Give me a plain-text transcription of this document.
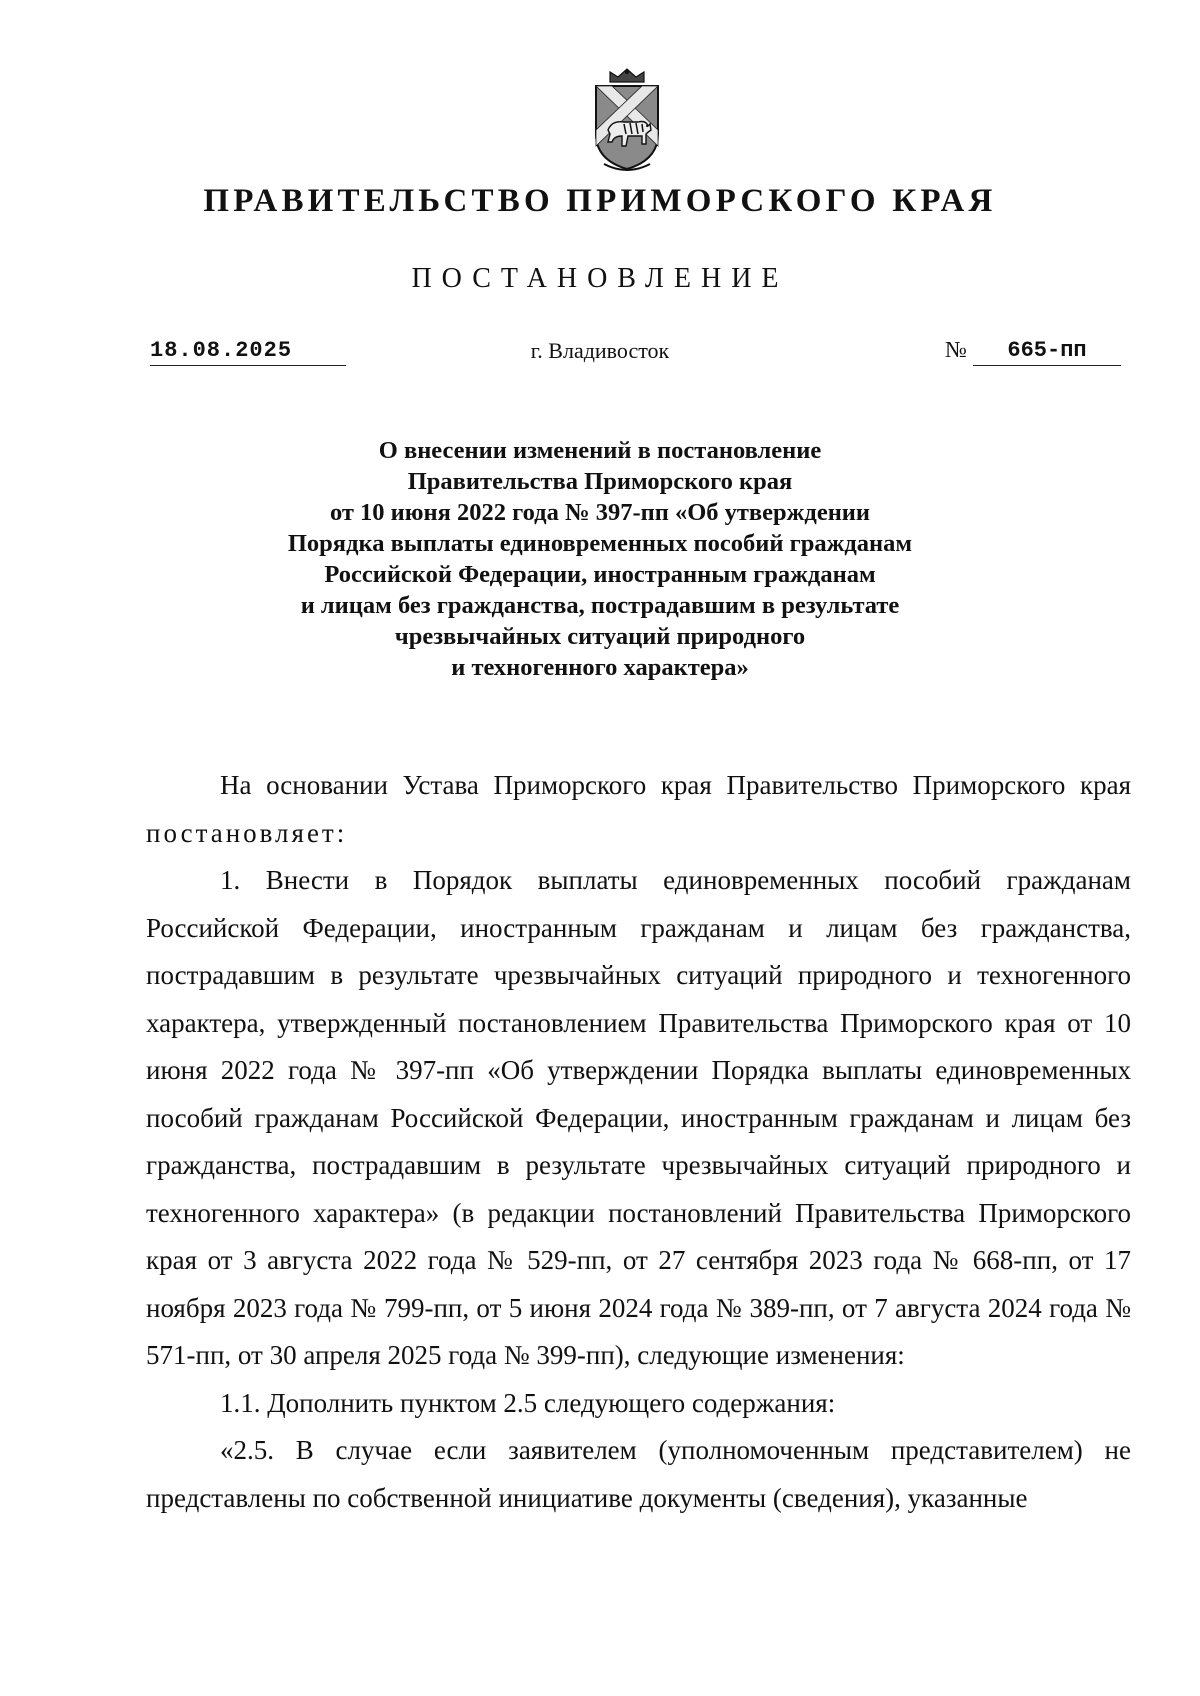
ПРАВИТЕЛЬСТВО ПРИМОРСКОГО КРАЯ
ПОСТАНОВЛЕНИЕ
18.08.2025	г. Владивосток	№	665-пп
О внесении изменений в постановление
Правительства Приморского края
от 10 июня 2022 года № 397-пп «Об утверждении
Порядка выплаты единовременных пособий гражданам
Российской Федерации, иностранным гражданам
и лицам без гражданства, пострадавшим в результате
чрезвычайных ситуаций природного
и техногенного характера»
На основании Устава Приморского края Правительство Приморского края постановляет:
1. Внести в Порядок выплаты единовременных пособий гражданам Российской Федерации, иностранным гражданам и лицам без гражданства, пострадавшим в результате чрезвычайных ситуаций природного и техногенного характера, утвержденный постановлением Правительства Приморского края от 10 июня 2022 года № 397-пп «Об утверждении Порядка выплаты единовременных пособий гражданам Российской Федерации, иностранным гражданам и лицам без гражданства, пострадавшим в результате чрезвычайных ситуаций природного и техногенного характера» (в редакции постановлений Правительства Приморского края от 3 августа 2022 года № 529-пп, от 27 сентября 2023 года № 668-пп, от 17 ноября 2023 года № 799-пп, от 5 июня 2024 года № 389-пп, от 7 августа 2024 года № 571-пп, от 30 апреля 2025 года № 399-пп), следующие изменения:
1.1. Дополнить пунктом 2.5 следующего содержания:
«2.5. В случае если заявителем (уполномоченным представителем) не представлены по собственной инициативе документы (сведения), указанные
